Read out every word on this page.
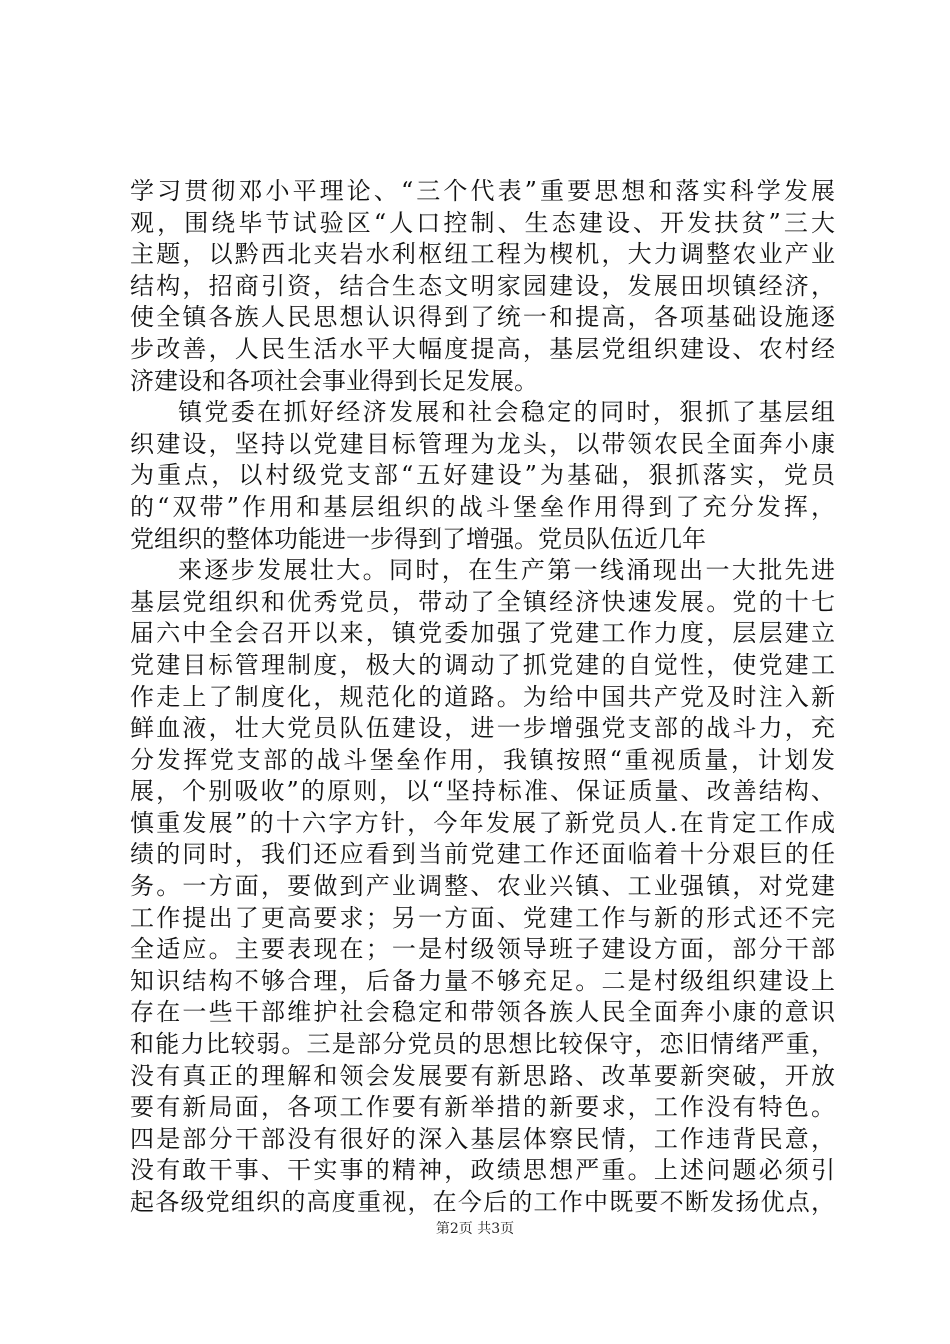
学习贯彻邓小平理论、“三个代表”重要思想和落实科学发展
观，围绕毕节试验区“人口控制、生态建设、开发扶贫”三大
主题，以黔西北夹岩水利枢纽工程为楔机，大力调整农业产业
结构，招商引资，结合生态文明家园建设，发展田坝镇经济，
使全镇各族人民思想认识得到了统一和提高，各项基础设施逐
步改善，人民生活水平大幅度提高，基层党组织建设、农村经
济建设和各项社会事业得到长足发展。
镇党委在抓好经济发展和社会稳定的同时，狠抓了基层组
织建设，坚持以党建目标管理为龙头，以带领农民全面奔小康
为重点，以村级党支部“五好建设”为基础，狠抓落实，党员
的“双带”作用和基层组织的战斗堡垒作用得到了充分发挥，
党组织的整体功能进一步得到了增强。党员队伍近几年
来逐步发展壮大。同时，在生产第一线涌现出一大批先进
基层党组织和优秀党员，带动了全镇经济快速发展。党的十七
届六中全会召开以来，镇党委加强了党建工作力度，层层建立
党建目标管理制度，极大的调动了抓党建的自觉性，使党建工
作走上了制度化，规范化的道路。为给中国共产党及时注入新
鲜血液，壮大党员队伍建设，进一步增强党支部的战斗力，充
分发挥党支部的战斗堡垒作用，我镇按照“重视质量，计划发
展，个别吸收”的原则，以“坚持标准、保证质量、改善结构、
慎重发展”的十六字方针，今年发展了新党员人.在肯定工作成
绩的同时，我们还应看到当前党建工作还面临着十分艰巨的任
务。一方面，要做到产业调整、农业兴镇、工业强镇，对党建
工作提出了更高要求；另一方面、党建工作与新的形式还不完
全适应。主要表现在；一是村级领导班子建设方面，部分干部
知识结构不够合理，后备力量不够充足。二是村级组织建设上
存在一些干部维护社会稳定和带领各族人民全面奔小康的意识
和能力比较弱。三是部分党员的思想比较保守，恋旧情绪严重，
没有真正的理解和领会发展要有新思路、改革要新突破，开放
要有新局面，各项工作要有新举措的新要求，工作没有特色。
四是部分干部没有很好的深入基层体察民情，工作违背民意，
没有敢干事、干实事的精神，政绩思想严重。上述问题必须引
起各级党组织的高度重视，在今后的工作中既要不断发扬优点，
第2页 共3页
